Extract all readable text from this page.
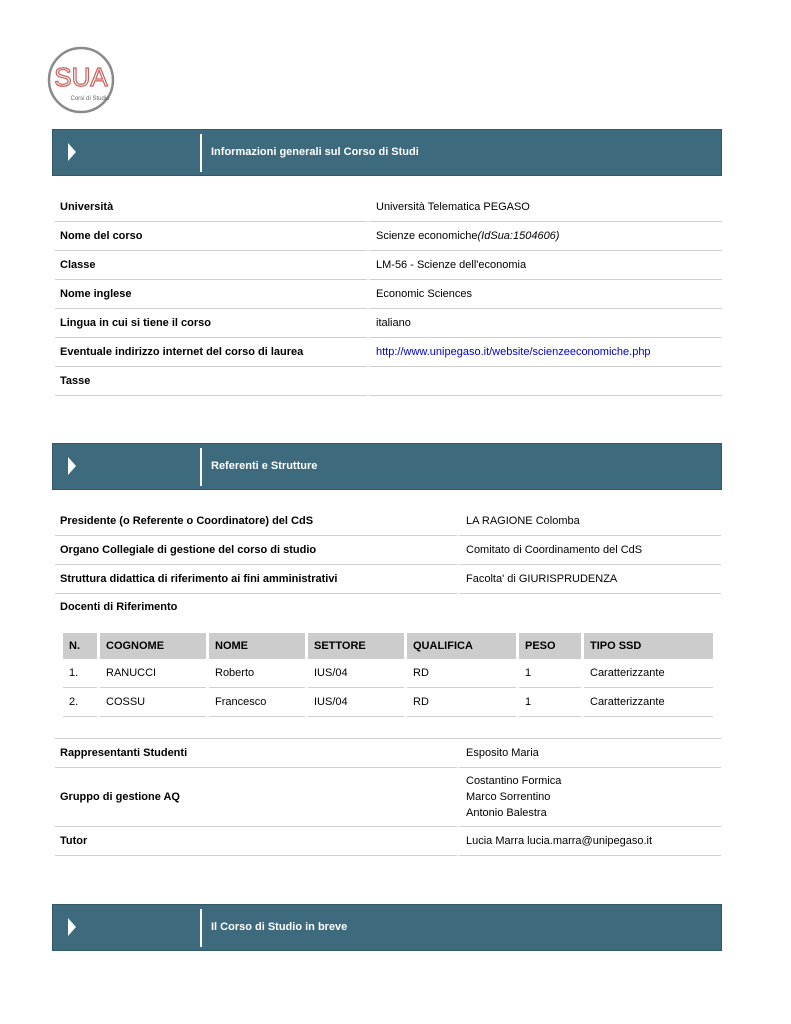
SUA
Corsi di Studio
Informazioni generali sul Corso di Studi
Università	Università Telematica PEGASO
Nome del corso	Scienze economiche(IdSua:1504606)
Classe	LM-56 - Scienze dell'economia
Nome inglese	Economic Sciences
Lingua in cui si tiene il corso	italiano
Eventuale indirizzo internet del corso di laurea	http://www.unipegaso.it/website/scienzeeconomiche.php
Tasse	
Referenti e Strutture
Presidente (o Referente o Coordinatore) del CdS	LA RAGIONE Colomba
Organo Collegiale di gestione del corso di studio	Comitato di Coordinamento del CdS
Struttura didattica di riferimento ai fini amministrativi	Facolta' di GIURISPRUDENZA
Docenti di Riferimento
N.	COGNOME	NOME	SETTORE	QUALIFICA	PESO	TIPO SSD
1.	RANUCCI	Roberto	IUS/04	RD	1	Caratterizzante
2.	COSSU	Francesco	IUS/04	RD	1	Caratterizzante
Rappresentanti Studenti	Esposito Maria
Gruppo di gestione AQ	Costantino Formica
Marco Sorrentino
Antonio Balestra

Tutor	Lucia Marra lucia.marra@unipegaso.it
Il Corso di Studio in breve
